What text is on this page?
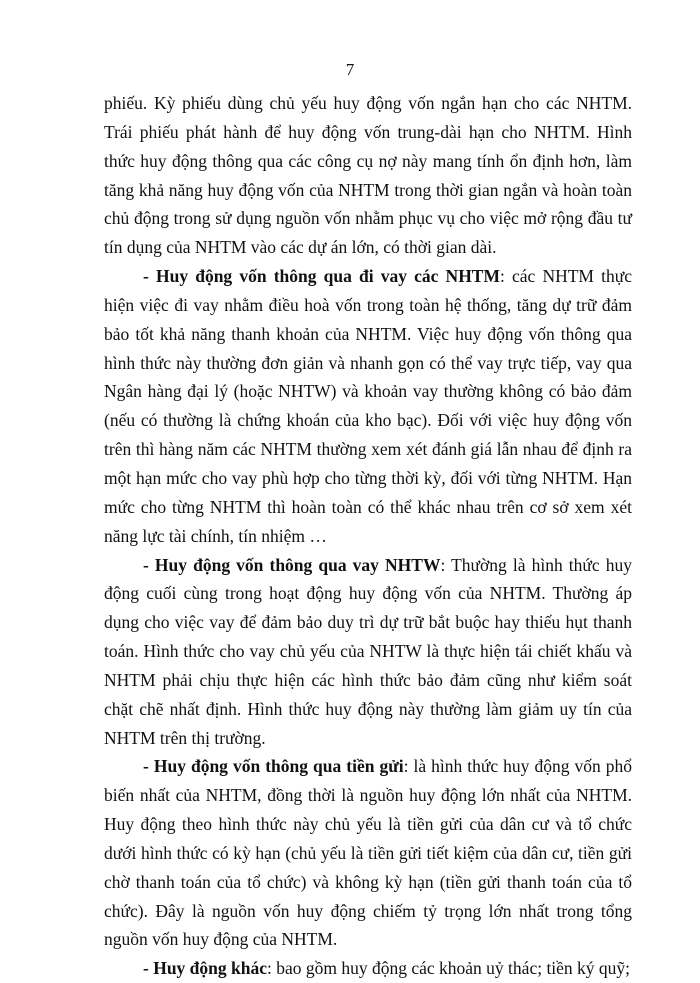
7

phiếu. Kỳ phiếu dùng chủ yếu huy động vốn ngắn hạn cho các NHTM. Trái phiếu phát hành để huy động vốn trung-dài hạn cho NHTM. Hình thức huy động thông qua các công cụ nợ này mang tính ổn định hơn, làm tăng khả năng huy động vốn của NHTM trong thời gian ngắn và hoàn toàn chủ động trong sử dụng nguồn vốn nhằm phục vụ cho việc mở rộng đầu tư tín dụng của NHTM vào các dự án lớn, có thời gian dài.

- Huy động vốn thông qua đi vay các NHTM: các NHTM thực hiện việc đi vay nhằm điều hoà vốn trong toàn hệ thống, tăng dự trữ đảm bảo tốt khả năng thanh khoản của NHTM. Việc huy động vốn thông qua hình thức này thường đơn giản và nhanh gọn có thể vay trực tiếp, vay qua Ngân hàng đại lý (hoặc NHTW) và khoản vay thường không có bảo đảm (nếu có thường là chứng khoán của kho bạc). Đối với việc huy động vốn trên thì hàng năm các NHTM thường xem xét đánh giá lẫn nhau để định ra một hạn mức cho vay phù hợp cho từng thời kỳ, đối với từng NHTM. Hạn mức cho từng NHTM thì hoàn toàn có thể khác nhau trên cơ sở xem xét năng lực tài chính, tín nhiệm …

- Huy động vốn thông qua vay NHTW: Thường là hình thức huy động cuối cùng trong hoạt động huy động vốn của NHTM. Thường áp dụng cho việc vay để đảm bảo duy trì dự trữ bắt buộc hay thiếu hụt thanh toán. Hình thức cho vay chủ yếu của NHTW là thực hiện tái chiết khấu và NHTM phải chịu thực hiện các hình thức bảo đảm cũng như kiểm soát chặt chẽ nhất định. Hình thức huy động này thường làm giảm uy tín của NHTM trên thị trường.

- Huy động vốn thông qua tiền gửi: là hình thức huy động vốn phổ biến nhất của NHTM, đồng thời là nguồn huy động lớn nhất của NHTM. Huy động theo hình thức này chủ yếu là tiền gửi của dân cư và tổ chức dưới hình thức có kỳ hạn (chủ yếu là tiền gửi tiết kiệm của dân cư, tiền gửi chờ thanh toán của tổ chức) và không kỳ hạn (tiền gửi thanh toán của tổ chức). Đây là nguồn vốn huy động chiếm tỷ trọng lớn nhất trong tổng nguồn vốn huy động của NHTM.

- Huy động khác: bao gồm huy động các khoản uỷ thác; tiền ký quỹ;
